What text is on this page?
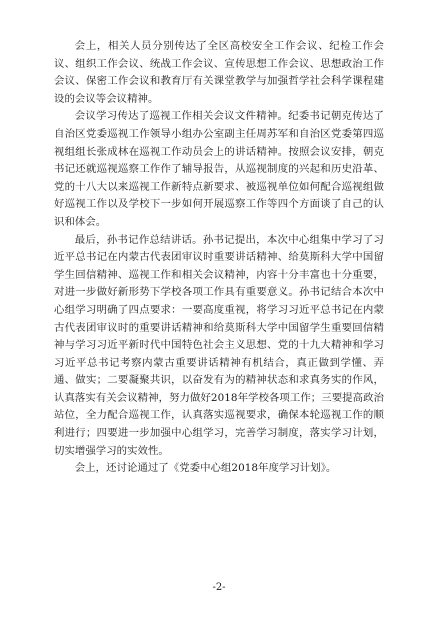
会上，相关人员分别传达了全区高校安全工作会议、纪检工作会议、组织工作会议、统战工作会议、宣传思想工作会议、思想政治工作会议、保密工作会议和教育厅有关课堂教学与加强哲学社会科学课程建设的会议等会议精神。

会议学习传达了巡视工作相关会议文件精神。纪委书记朝克传达了自治区党委巡视工作领导小组办公室副主任周苏军和自治区党委第四巡视组组长张成林在巡视工作动员会上的讲话精神。按照会议安排，朝克书记还就巡视巡察工作作了辅导报告，从巡视制度的兴起和历史沿革、党的十八大以来巡视工作新特点新要求、被巡视单位如何配合巡视组做好巡视工作以及学校下一步如何开展巡察工作等四个方面谈了自己的认识和体会。

最后，孙书记作总结讲话。孙书记提出，本次中心组集中学习了习近平总书记在内蒙古代表团审议时重要讲话精神、给莫斯科大学中国留学生回信精神、巡视工作和相关会议精神，内容十分丰富也十分重要，对进一步做好新形势下学校各项工作具有重要意义。孙书记结合本次中心组学习明确了四点要求：一要高度重视，将学习习近平总书记在内蒙古代表团审议时的重要讲话精神和给莫斯科大学中国留学生重要回信精神与学习习近平新时代中国特色社会主义思想、党的十九大精神和学习习近平总书记考察内蒙古重要讲话精神有机结合，真正做到学懂、弄通、做实；二要凝聚共识，以奋发有为的精神状态和求真务实的作风，认真落实有关会议精神，努力做好2018年学校各项工作；三要提高政治站位，全力配合巡视工作，认真落实巡视要求，确保本轮巡视工作的顺利进行；四要进一步加强中心组学习，完善学习制度，落实学习计划，切实增强学习的实效性。

会上，还讨论通过了《党委中心组2018年度学习计划》。

-2-
